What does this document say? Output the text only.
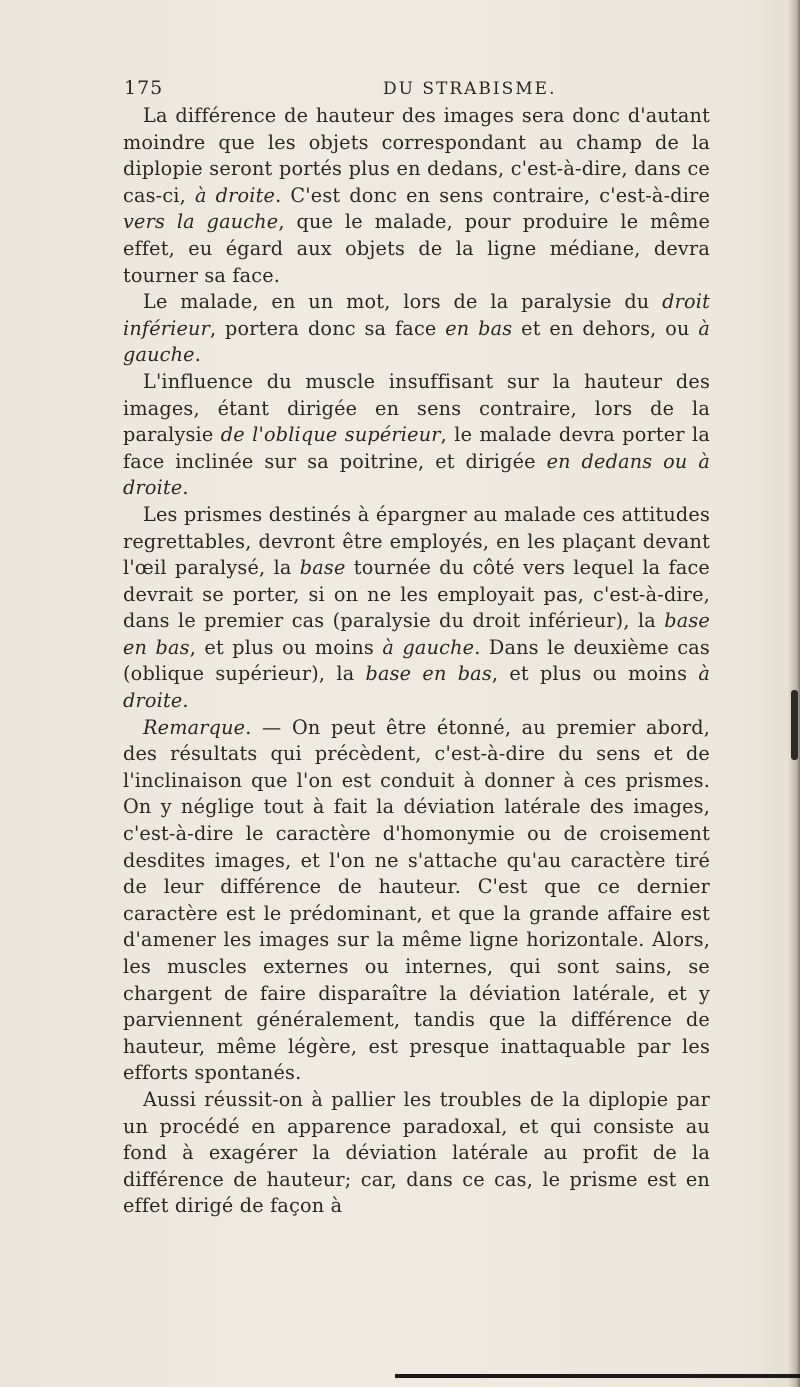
175	DU STRABISME.

La différence de hauteur des images sera donc d'autant moindre que les objets correspondant au champ de la diplopie seront portés plus en dedans, c'est-à-dire, dans ce cas-ci, à droite. C'est donc en sens contraire, c'est-à-dire vers la gauche, que le malade, pour produire le même effet, eu égard aux objets de la ligne médiane, devra tourner sa face.

Le malade, en un mot, lors de la paralysie du droit inférieur, portera donc sa face en bas et en dehors, ou à gauche.

L'influence du muscle insuffisant sur la hauteur des images, étant dirigée en sens contraire, lors de la paralysie de l'oblique supérieur, le malade devra porter la face inclinée sur sa poitrine, et dirigée en dedans ou à droite.

Les prismes destinés à épargner au malade ces attitudes regrettables, devront être employés, en les plaçant devant l'œil paralysé, la base tournée du côté vers lequel la face devrait se porter, si on ne les employait pas, c'est-à-dire, dans le premier cas (paralysie du droit inférieur), la base en bas, et plus ou moins à gauche. Dans le deuxième cas (oblique supérieur), la base en bas, et plus ou moins à droite.

Remarque. — On peut être étonné, au premier abord, des résultats qui précèdent, c'est-à-dire du sens et de l'inclinaison que l'on est conduit à donner à ces prismes. On y néglige tout à fait la déviation latérale des images, c'est-à-dire le caractère d'homonymie ou de croisement desdites images, et l'on ne s'attache qu'au caractère tiré de leur différence de hauteur. C'est que ce dernier caractère est le prédominant, et que la grande affaire est d'amener les images sur la même ligne horizontale. Alors, les muscles externes ou internes, qui sont sains, se chargent de faire disparaître la déviation latérale, et y parviennent généralement, tandis que la différence de hauteur, même légère, est presque inattaquable par les efforts spontanés.

Aussi réussit-on à pallier les troubles de la diplopie par un procédé en apparence paradoxal, et qui consiste au fond à exagérer la déviation latérale au profit de la différence de hauteur; car, dans ce cas, le prisme est en effet dirigé de façon à
